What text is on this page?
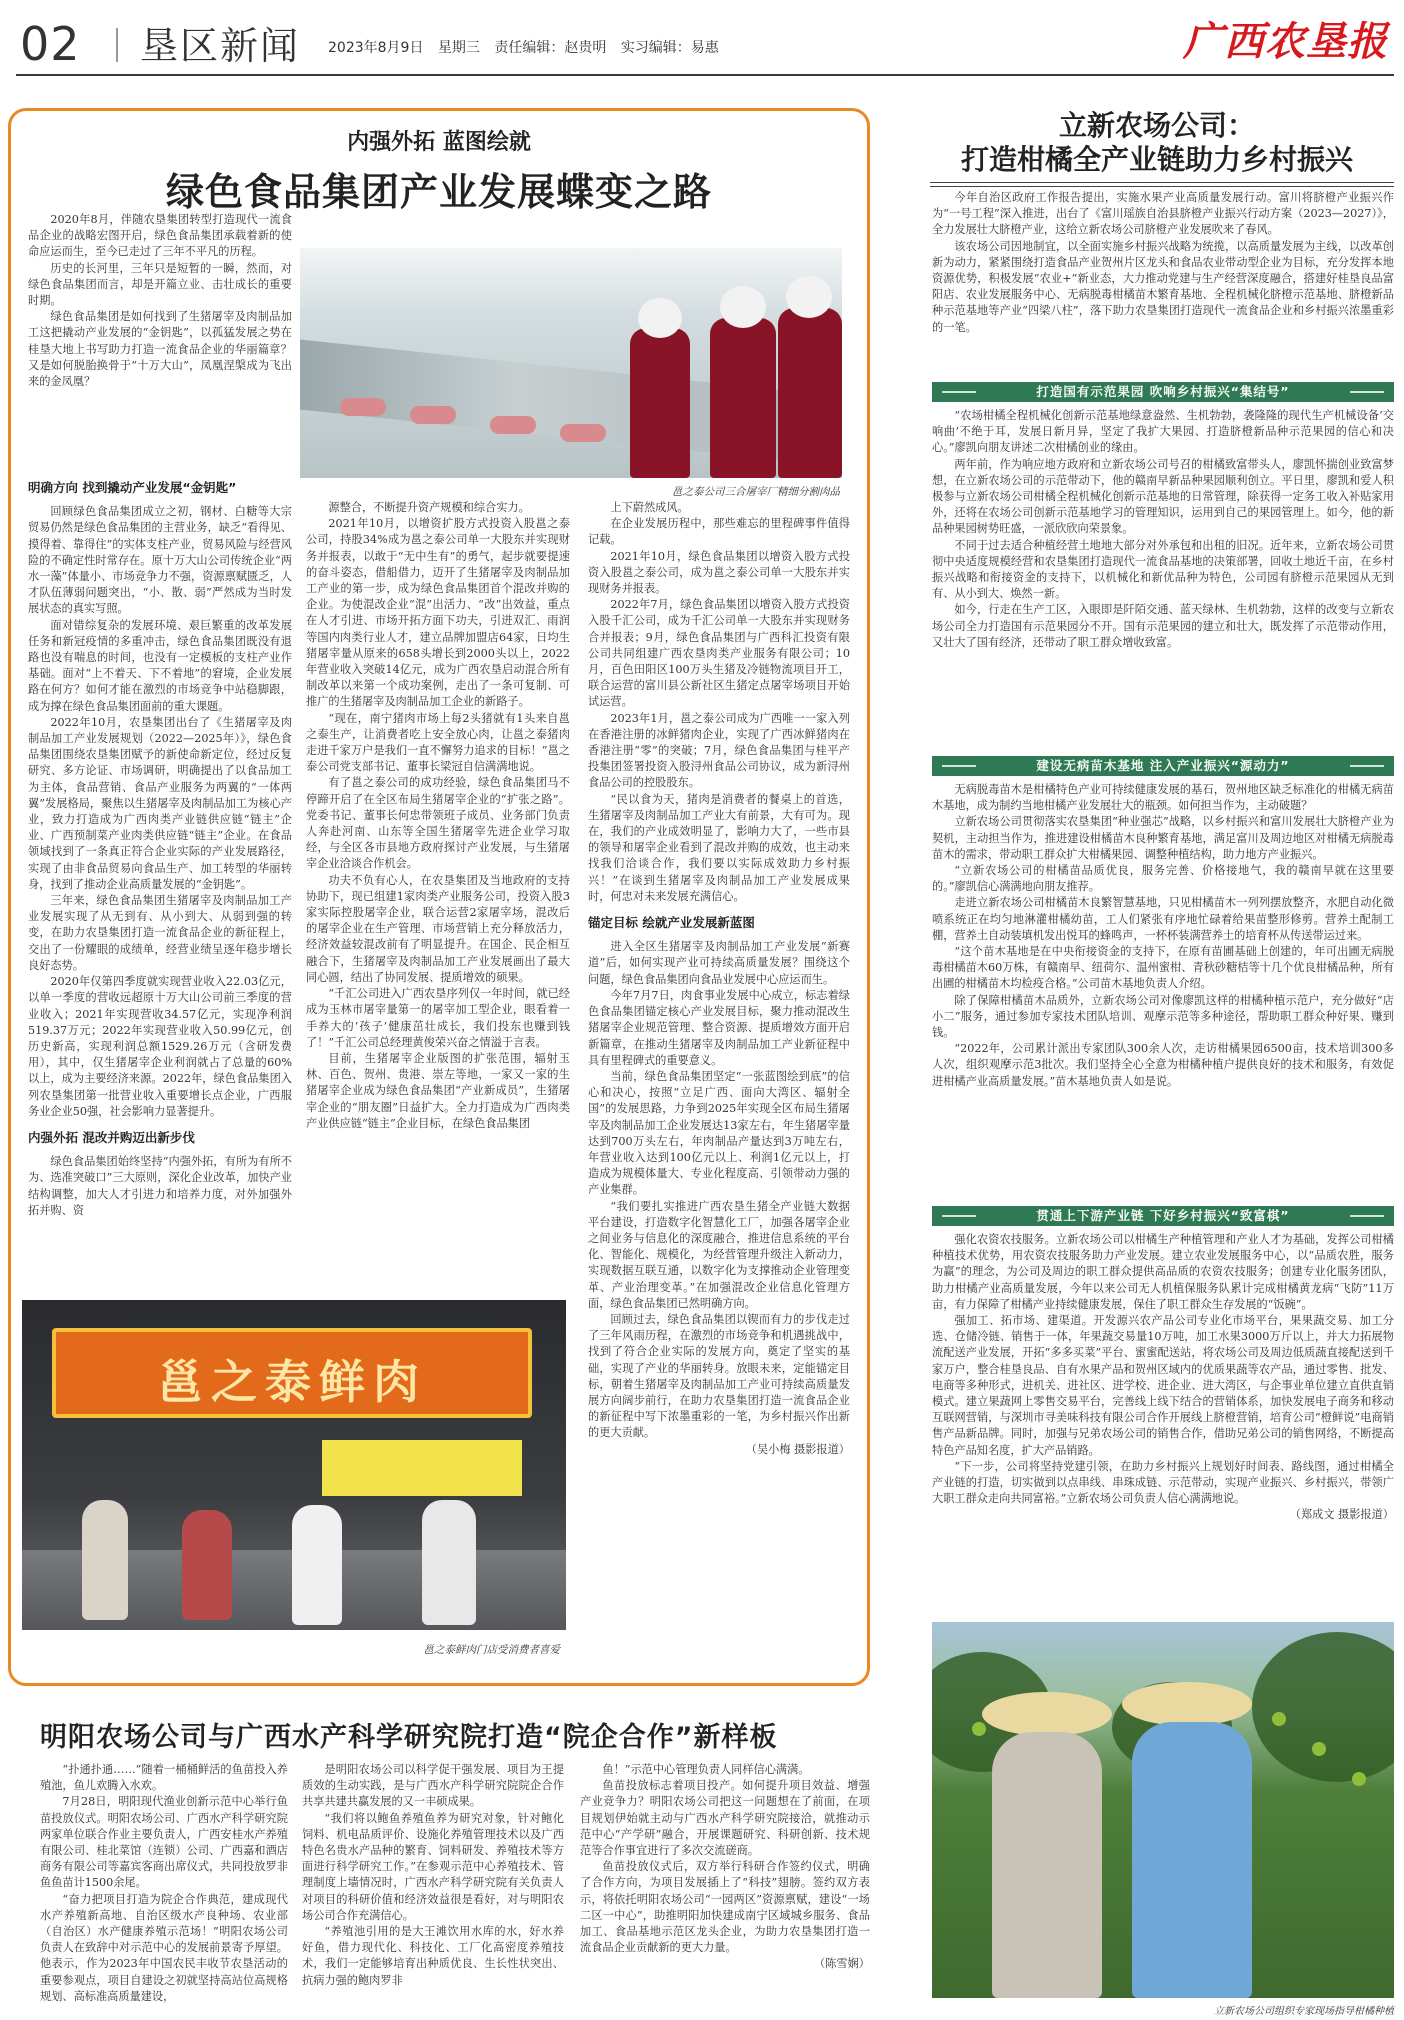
02 垦区新闻 2023年8月9日 星期三 责任编辑：赵贵明 实习编辑：易惠	广西农垦报
内强外拓 蓝图绘就
绿色食品集团产业发展蝶变之路

2020年8月，伴随农垦集团转型打造现代一流食品企业的战略宏图开启，绿色食品集团承载着新的使命应运而生，至今已走过了三年不平凡的历程。

历史的长河里，三年只是短暂的一瞬，然而，对绿色食品集团而言，却是开篇立业、击壮成长的重要时期。

绿色食品集团是如何找到了生猪屠宰及肉制品加工这把撬动产业发展的“金钥匙”，以孤猛发展之势在桂垦大地上书写助力打造一流食品企业的华丽篇章？又是如何脱胎换骨于“十万大山”，凤凰涅槃成为飞出来的金凤凰？

明确方向 找到撬动产业发展“金钥匙”

回顾绿色食品集团成立之初，钢材、白糖等大宗贸易仍然是绿色食品集团的主营业务，缺乏“看得见、摸得着、靠得住”的实体支柱产业，贸易风险与经营风险的不确定性时常存在。原十万大山公司传统企业“两水一藻”体量小、市场竞争力不强，资源禀赋匮乏，人才队伍薄弱问题突出，“小、散、弱”严然成为当时发展状态的真实写照。

面对错综复杂的发展环境、艰巨繁重的改革发展任务和新冠疫情的多重冲击，绿色食品集团既没有退路也没有喘息的时间，也没有一定模板的支柱产业作基础。面对“上不着天、下不着地”的窘境，企业发展路在何方？如何才能在激烈的市场竞争中站稳脚跟，成为撑在绿色食品集团面前的重大课题。

2022年10月，农垦集团出台了《生猪屠宰及肉制品加工产业发展规划（2022—2025年）》，绿色食品集团围绕农垦集团赋予的新使命新定位，经过反复研究、多方论证、市场调研，明确提出了以食品加工为主体，食品营销、食品产业服务为两翼的“一体两翼”发展格局，聚焦以生猪屠宰及肉制品加工为核心产业，致力打造成为广西肉类产业链供应链“链主”企业、广西预制菜产业肉类供应链“链主”企业。在食品领域找到了一条真正符合企业实际的产业发展路径，实现了由非食品贸易向食品生产、加工转型的华丽转身，找到了推动企业高质量发展的“金钥匙”。

三年来，绿色食品集团生猪屠宰及肉制品加工产业发展实现了从无到有、从小到大、从弱到强的转变，在助力农垦集团打造一流食品企业的新征程上，交出了一份耀眼的成绩单，经营业绩呈逐年稳步增长良好态势。

2020年仅第四季度就实现营业收入22.03亿元，以单一季度的营收远超原十万大山公司前三季度的营业收入；2021年实现营收34.57亿元，实现净利润519.37万元；2022年实现营业收入50.99亿元，创历史新高，实现利润总额1529.26万元（含研发费用），其中，仅生猪屠宰企业利润就占了总量的60%以上，成为主要经济来源。2022年，绿色食品集团入列农垦集团第一批营业收入重要增长点企业，广西服务业企业50强，社会影响力显著提升。

内强外拓 混改并购迈出新步伐

绿色食品集团始终坚持“内强外拓，有所为有所不为、选准突破口”三大原则，深化企业改革，加快产业结构调整，加大人才引进力和培养力度，对外加强外拓并购、资

源整合，不断提升资产规模和综合实力。

2021年10月，以增资扩股方式投资入股邕之泰公司，持股34%成为邕之泰公司单一大股东并实现财务并报表，以敢于“无中生有”的勇气，起步就要提速的奋斗姿态，借船借力，迈开了生猪屠宰及肉制品加工产业的第一步，成为绿色食品集团首个混改并购的企业。为使混改企业“混”出活力、“改”出效益，重点在人才引进、市场开拓方面下功夫，引进双汇、雨润等国内肉类行业人才，建立品牌加盟店64家，日均生猪屠宰量从原来的658头增长到2000头以上，2022年营业收入突破14亿元，成为广西农垦启动混合所有制改革以来第一个成功案例，走出了一条可复制、可推广的生猪屠宰及肉制品加工企业的新路子。

“现在，南宁猪肉市场上每2头猪就有1头来自邕之泰生产，让消费者吃上安全放心肉，让邕之泰猪肉走进千家万户是我们一直不懈努力追求的目标！”邕之泰公司党支部书记、董事长梁冠自信满满地说。

有了邕之泰公司的成功经验，绿色食品集团马不停蹄开启了在全区布局生猪屠宰企业的“扩张之路”。党委书记、董事长何忠带领班子成员、业务部门负责人奔赴河南、山东等全国生猪屠宰先进企业学习取经，与全区各市县地方政府探讨产业发展，与生猪屠宰企业洽谈合作机会。

功夫不负有心人，在农垦集团及当地政府的支持协助下，现已组建1家肉类产业服务公司，投资入股3家实际控股屠宰企业，联合运营2家屠宰场，混改后的屠宰企业在生产管理、市场营销上充分释放活力，经济效益较混改前有了明显提升。在国企、民企相互融合下，生猪屠宰及肉制品加工产业发展画出了最大同心圆，结出了协同发展、提质增效的硕果。

“千汇公司进入广西农垦序列仅一年时间，就已经成为玉林市屠宰量第一的屠宰加工型企业，眼看着一手养大的‘孩子’健康茁壮成长，我们投东也赚到钱了！”千汇公司总经理黄俊荣兴奋之情溢于言表。

目前，生猪屠宰企业版图的扩张范围，辐射玉林、百色、贺州、贵港、崇左等地，一家又一家的生猪屠宰企业成为绿色食品集团“产业新成员”，生猪屠宰企业的“朋友圈”日益扩大。全力打造成为广西肉类产业供应链“链主”企业目标，在绿色食品集团

上下蔚然成风。

在企业发展历程中，那些难忘的里程碑事件值得记载。

2021年10月，绿色食品集团以增资入股方式投资入股邕之泰公司，成为邕之泰公司单一大股东并实现财务并报表。

2022年7月，绿色食品集团以增资入股方式投资入股千汇公司，成为千汇公司单一大股东并实现财务合并报表；9月，绿色食品集团与广西科汇投资有限公司共同组建广西农垦肉类产业服务有限公司；10月，百色田阳区100万头生猪及冷链物流项目开工，联合运营的富川县公新社区生猪定点屠宰场项目开始试运营。

2023年1月，邕之泰公司成为广西唯一一家入列在香港注册的冰鲜猪肉企业，实现了广西冰鲜猪肉在香港注册“零”的突破；7月，绿色食品集团与桂平产投集团签署投资入股浔州食品公司协议，成为新浔州食品公司的控股股东。

“民以食为天，猪肉是消费者的餐桌上的首选，生猪屠宰及肉制品加工产业大有前景，大有可为。现在，我们的产业成效明显了，影响力大了，一些市县的领导和屠宰企业看到了混改并购的成效，也主动来找我们洽谈合作，我们要以实际成效助力乡村振兴！”在谈到生猪屠宰及肉制品加工产业发展成果时，何忠对未来发展充满信心。

锚定目标 绘就产业发展新蓝图

进入全区生猪屠宰及肉制品加工产业发展“新赛道”后，如何实现产业可持续高质量发展？围绕这个问题，绿色食品集团向食品业发展中心应运而生。

今年7月7日，肉食事业发展中心成立，标志着绿色食品集团锚定核心产业发展目标，聚力推动混改生猪屠宰企业规范管理、整合资源、提质增效方面开启新篇章，在推动生猪屠宰及肉制品加工产业新征程中具有里程碑式的重要意义。

当前，绿色食品集团坚定“一张蓝图绘到底”的信心和决心，按照“立足广西、面向大湾区、辐射全国”的发展思路，力争到2025年实现全区布局生猪屠宰及肉制品加工企业发展达13家左右，年生猪屠宰量达到700万头左右，年肉制品产量达到3万吨左右，年营业收入达到100亿元以上、利润1亿元以上，打造成为规模体量大、专业化程度高、引领带动力强的产业集群。

“我们要扎实推进广西农垦生猪全产业链大数据平台建设，打造数字化智慧化工厂，加强各屠宰企业之间业务与信息化的深度融合，推进信息系统的平台化、智能化、规模化，为经营管理升级注入新动力，实现数据互联互通，以数字化为支撑推动企业管理变革、产业治理变革。”在加强混改企业信息化管理方面，绿色食品集团已然明确方向。

回顾过去，绿色食品集团以锲而有力的步伐走过了三年风雨历程，在激烈的市场竞争和机遇挑战中，找到了符合企业实际的发展方向，奠定了坚实的基础，实现了产业的华丽转身。放眼未来，定能锚定目标，朝着生猪屠宰及肉制品加工产业可持续高质量发展方向阔步前行，在助力农垦集团打造一流食品企业的新征程中写下浓墨重彩的一笔，为乡村振兴作出新的更大贡献。

（吴小梅 摄影报道）

邕之泰公司三合屠宰厂精细分割肉品
邕之泰鲜肉
邕之泰鲜肉门店受消费者喜爱
立新农场公司：
打造柑橘全产业链助力乡村振兴

今年自治区政府工作报告提出，实施水果产业高质量发展行动。富川将脐橙产业振兴作为“一号工程”深入推进，出台了《富川瑶族自治县脐橙产业振兴行动方案（2023—2027）》，全力发展壮大脐橙产业，这给立新农场公司脐橙产业发展吹来了春风。

该农场公司因地制宜，以全面实施乡村振兴战略为统揽，以高质量发展为主线，以改革创新为动力，紧紧围绕打造食品产业贺州片区龙头和食品农业带动型企业为目标，充分发挥本地资源优势，积极发展“农业+”新业态，大力推动党建与生产经营深度融合，搭建好桂垦良品富阳店、农业发展服务中心、无病脱毒柑橘苗木繁育基地、全程机械化脐橙示范基地、脐橙新品种示范基地等产业“四梁八柱”，落下助力农垦集团打造现代一流食品企业和乡村振兴浓墨重彩的一笔。

打造国有示范果园 吹响乡村振兴“集结号”

“农场柑橘全程机械化创新示范基地绿意盎然、生机勃勃，袭隆隆的现代生产机械设备‘交响曲’不绝于耳，发展日新月异，坚定了我扩大果园、打造脐橙新品种示范果园的信心和决心。”廖凯向朋友讲述二次柑橘创业的缘由。

两年前，作为响应地方政府和立新农场公司号召的柑橘致富带头人，廖凯怀揣创业致富梦想，在立新农场公司的示范带动下，他的赣南早新品种果园顺利创立。平日里，廖凯和爱人积极参与立新农场公司柑橘全程机械化创新示范基地的日常管理，除获得一定务工收入补贴家用外，还将在农场公司创新示范基地学习的管理知识，运用到自己的果园管理上。如今，他的新品种果园树势旺盛，一派欣欣向荣景象。

不同于过去适合种植经营土地地大部分对外承包和出租的旧况。近年来，立新农场公司贯彻中央适度规模经营和农垦集团打造现代一流食品基地的决策部署，回收土地近千亩，在乡村振兴战略和衔接资金的支持下，以机械化和新优品种为特色，公司园有脐橙示范果园从无到有、从小到大、焕然一新。

如今，行走在生产工区，入眼即是阡陌交通、蓝天绿林、生机勃勃，这样的改变与立新农场公司全力打造国有示范果园分不开。国有示范果园的建立和壮大，既发挥了示范带动作用，又壮大了国有经济，还带动了职工群众增收致富。

建设无病苗木基地 注入产业振兴“源动力”

无病脱毒苗木是柑橘特色产业可持续健康发展的基石，贺州地区缺乏标准化的柑橘无病苗木基地，成为制约当地柑橘产业发展壮大的瓶颈。如何担当作为，主动破题？

立新农场公司贯彻落实农垦集团“种业强芯”战略，以乡村振兴和富川发展壮大脐橙产业为契机，主动担当作为，推进建设柑橘苗木良种繁育基地，满足富川及周边地区对柑橘无病脱毒苗木的需求，带动职工群众扩大柑橘果园、调整种植结构，助力地方产业振兴。

“立新农场公司的柑橘苗品质优良，服务完善、价格接地气，我的赣南早就在这里要的。”廖凯信心满满地向朋友推荐。

走进立新农场公司柑橘苗木良繁智慧基地，只见柑橘苗木一列列摆放整齐，水肥自动化微喷系统正在均匀地淋灌柑橘幼苗，工人们紧张有序地忙碌着给果苗整形修剪。营养土配制工棚，营养土自动装填机发出悦耳的蜂鸣声，一杯杯装满营养土的培育杯从传送带运过来。

“这个苗木基地是在中央衔接资金的支持下，在原有苗圃基础上创建的，年可出圃无病脱毒柑橘苗木60万株，有赣南早、纽荷尔、温州蜜柑、青秋砂糖桔等十几个优良柑橘品种，所有出圃的柑橘苗木均检疫合格。”公司苗木基地负责人介绍。

除了保障柑橘苗木品质外，立新农场公司对像廖凯这样的柑橘种植示范户，充分做好“店小二”服务，通过参加专家技术团队培训、观摩示范等多种途径，帮助职工群众种好果、赚到钱。

“2022年，公司累计派出专家团队300余人次，走访柑橘果园6500亩，技术培训300多人次，组织观摩示范3批次。我们坚持全心全意为柑橘种植户提供良好的技术和服务，有效促进柑橘产业高质量发展。”苗木基地负责人如是说。

贯通上下游产业链 下好乡村振兴“致富棋”

强化农资农技服务。立新农场公司以柑橘生产种植管理和产业人才为基础，发挥公司柑橘种植技术优势，用农资农技服务助力产业发展。建立农业发展服务中心，以“品质农胜，服务为赢”的理念，为公司及周边的职工群众提供高品质的农资农技服务；创建专业化服务团队，助力柑橘产业高质量发展，今年以来公司无人机植保服务队累计完成柑橘黄龙病“飞防”11万亩，有力保障了柑橘产业持续健康发展，保住了职工群众生存发展的“饭碗”。

强加工、拓市场、建渠道。开发源兴农产品公司专业化市场平台，果果蔬交易、加工分选、仓储冷链、销售于一体，年果蔬交易量10万吨，加工水果3000万斤以上，并大力拓展物流配送产业发展，开拓“多多买菜”平台、蜜蜜配送站，将农场公司及周边低质蔬直接配送到千家万户，整合桂垦良品、自有水果产品和贺州区域内的优质果蔬等农产品，通过零售、批发、电商等多种形式，进机关、进社区、进学校、进企业、进大湾区，与企事业单位建立直供直销模式。建立果蔬网上零售交易平台，完善线上线下结合的营销体系，加快发展电子商务和移动互联网营销，与深圳市寻美味科技有限公司合作开展线上脐橙营销，培育公司“橙鲜说”电商销售产品新品牌。同时，加强与兄弟农场公司的销售合作，借助兄弟公司的销售网络，不断提高特色产品知名度，扩大产品销路。

“下一步，公司将坚持党建引领，在助力乡村振兴上规划好时间表、路线图，通过柑橘全产业链的打造，切实做到以点串线、串珠成链、示范带动，实现产业振兴、乡村振兴，带领广大职工群众走向共同富裕。”立新农场公司负责人信心满满地说。

（郑成文 摄影报道）

立新农场公司组织专家现场指导柑橘种植
明阳农场公司与广西水产科学研究院打造“院企合作”新样板

“扑通扑通……”随着一桶桶鲜活的鱼苗投入养殖池，鱼儿欢腾入水欢。

7月28日，明阳现代渔业创新示范中心举行鱼苗投放仪式。明阳农场公司、广西水产科学研究院两家单位联合作业主要负责人，广西安桂水产养殖有限公司、桂北菜馆（连锁）公司、广西嘉和酒店商务有限公司等嘉宾客商出席仪式，共同投放罗非鱼鱼苗计1500余尾。

“奋力把项目打造为院企合作典范，建成现代水产养殖新高地、自治区级水产良种场、农业部（自治区）水产健康养殖示范场！”明阳农场公司负责人在致辞中对示范中心的发展前景寄予厚望。他表示，作为2023年中国农民丰收节农垦活动的重要参观点，项目自建设之初就坚持高站位高规格规划、高标准高质量建设，

是明阳农场公司以科学促干强发展、项目为王提质效的生动实践，是与广西水产科学研究院院企合作共享共建共赢发展的又一丰硕成果。

“我们将以鲍鱼养殖鱼养为研究对象，针对鲍化饲料、机电品质评价、设施化养殖管理技术以及广西特色名贵水产品种的繁育、饲料研发、养殖技术等方面进行科学研究工作。”在参观示范中心养殖技术、管理制度上墙情况时，广西水产科学研究院有关负责人对项目的科研价值和经济效益很是看好，对与明阳农场公司合作充满信心。

“养殖池引用的是大王滩饮用水库的水，好水养好鱼，借力现代化、科技化、工厂化高密度养殖技术，我们一定能够培育出种质优良、生长性状突出、抗病力强的鲍肉罗非

鱼！”示范中心管理负责人同样信心满满。

鱼苗投放标志着项目投产。如何提升项目效益、增强产业竞争力？明阳农场公司把这一问题想在了前面，在项目规划伊始就主动与广西水产科学研究院接洽，就推动示范中心“产学研”融合，开展课题研究、科研创新、技术规范等合作事宜进行了多次交流磋商。

鱼苗投放仪式后，双方举行科研合作签约仪式，明确了合作方向，为项目发展插上了“科技”翅膀。签约双方表示，将依托明阳农场公司“一园两区”资源禀赋，建设“一场二区一中心”，助推明阳加快建成南宁区域城乡服务、食品加工、食品基地示范区龙头企业，为助力农垦集团打造一流食品企业贡献新的更大力量。

（陈雪娴）
